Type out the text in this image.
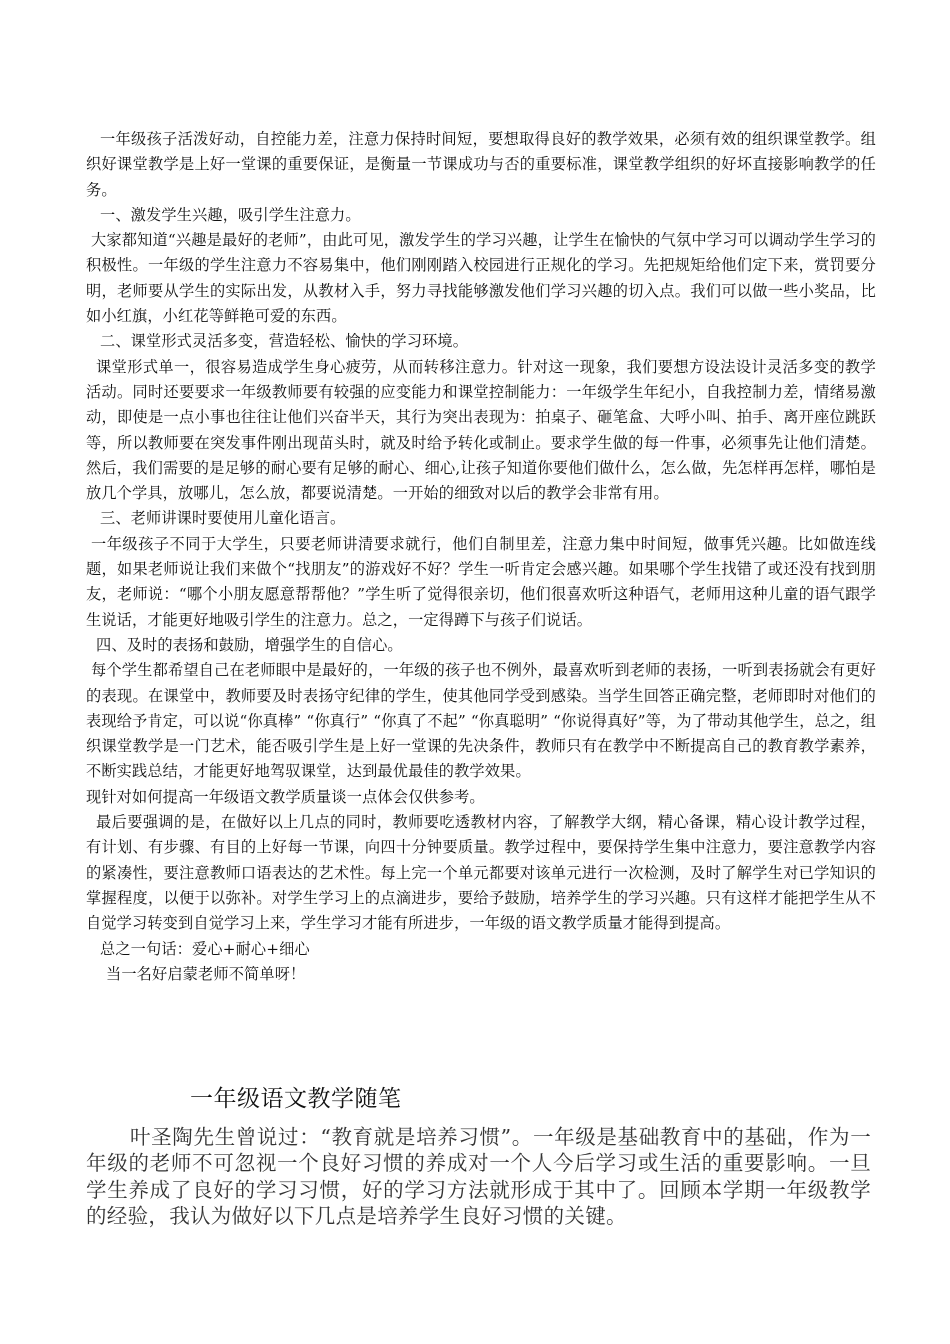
一年级孩子活泼好动，自控能力差，注意力保持时间短，要想取得良好的教学效果，必须有效的组织课堂教学。组织好课堂教学是上好一堂课的重要保证，是衡量一节课成功与否的重要标准，课堂教学组织的好坏直接影响教学的任务。

一、激发学生兴趣，吸引学生注意力。

大家都知道“兴趣是最好的老师”，由此可见，激发学生的学习兴趣，让学生在愉快的气氛中学习可以调动学生学习的积极性。一年级的学生注意力不容易集中，他们刚刚踏入校园进行正规化的学习。先把规矩给他们定下来，赏罚要分明，老师要从学生的实际出发，从教材入手，努力寻找能够激发他们学习兴趣的切入点。我们可以做一些小奖品，比如小红旗，小红花等鲜艳可爱的东西。

二、课堂形式灵活多变，营造轻松、愉快的学习环境。

课堂形式单一，很容易造成学生身心疲劳，从而转移注意力。针对这一现象，我们要想方设法设计灵活多变的教学活动。同时还要要求一年级教师要有较强的应变能力和课堂控制能力：一年级学生年纪小，自我控制力差，情绪易激动，即使是一点小事也往往让他们兴奋半天，其行为突出表现为：拍桌子、砸笔盒、大呼小叫、拍手、离开座位跳跃等，所以教师要在突发事件刚出现苗头时，就及时给予转化或制止。要求学生做的每一件事，必须事先让他们清楚。然后，我们需要的是足够的耐心要有足够的耐心、细心,让孩子知道你要他们做什么，怎么做，先怎样再怎样，哪怕是放几个学具，放哪儿，怎么放，都要说清楚。一开始的细致对以后的教学会非常有用。

三、老师讲课时要使用儿童化语言。

一年级孩子不同于大学生，只要老师讲清要求就行，他们自制里差，注意力集中时间短，做事凭兴趣。比如做连线题，如果老师说让我们来做个“找朋友”的游戏好不好？学生一听肯定会感兴趣。如果哪个学生找错了或还没有找到朋友，老师说：“哪个小朋友愿意帮帮他？”学生听了觉得很亲切，他们很喜欢听这种语气，老师用这种儿童的语气跟学生说话，才能更好地吸引学生的注意力。总之，一定得蹲下与孩子们说话。

四、及时的表扬和鼓励，增强学生的自信心。

每个学生都希望自己在老师眼中是最好的，一年级的孩子也不例外，最喜欢听到老师的表扬，一听到表扬就会有更好的表现。在课堂中，教师要及时表扬守纪律的学生，使其他同学受到感染。当学生回答正确完整，老师即时对他们的表现给予肯定，可以说“你真棒” “你真行” “你真了不起” “你真聪明” “你说得真好”等，为了带动其他学生，总之，组织课堂教学是一门艺术，能否吸引学生是上好一堂课的先决条件，教师只有在教学中不断提高自己的教育教学素养，不断实践总结，才能更好地驾驭课堂，达到最优最佳的教学效果。

现针对如何提高一年级语文教学质量谈一点体会仅供参考。

最后要强调的是，在做好以上几点的同时，教师要吃透教材内容，了解教学大纲，精心备课，精心设计教学过程，有计划、有步骤、有目的上好每一节课，向四十分钟要质量。教学过程中，要保持学生集中注意力，要注意教学内容的紧凑性，要注意教师口语表达的艺术性。每上完一个单元都要对该单元进行一次检测，及时了解学生对已学知识的掌握程度，以便于以弥补。对学生学习上的点滴进步，要给予鼓励，培养学生的学习兴趣。只有这样才能把学生从不自觉学习转变到自觉学习上来，学生学习才能有所进步，一年级的语文教学质量才能得到提高。

总之一句话：爱心+耐心+细心

当一名好启蒙老师不简单呀！

一年级语文教学随笔

叶圣陶先生曾说过：“教育就是培养习惯”。一年级是基础教育中的基础，作为一年级的老师不可忽视一个良好习惯的养成对一个人今后学习或生活的重要影响。一旦学生养成了良好的学习习惯，好的学习方法就形成于其中了。回顾本学期一年级教学的经验，我认为做好以下几点是培养学生良好习惯的关键。
